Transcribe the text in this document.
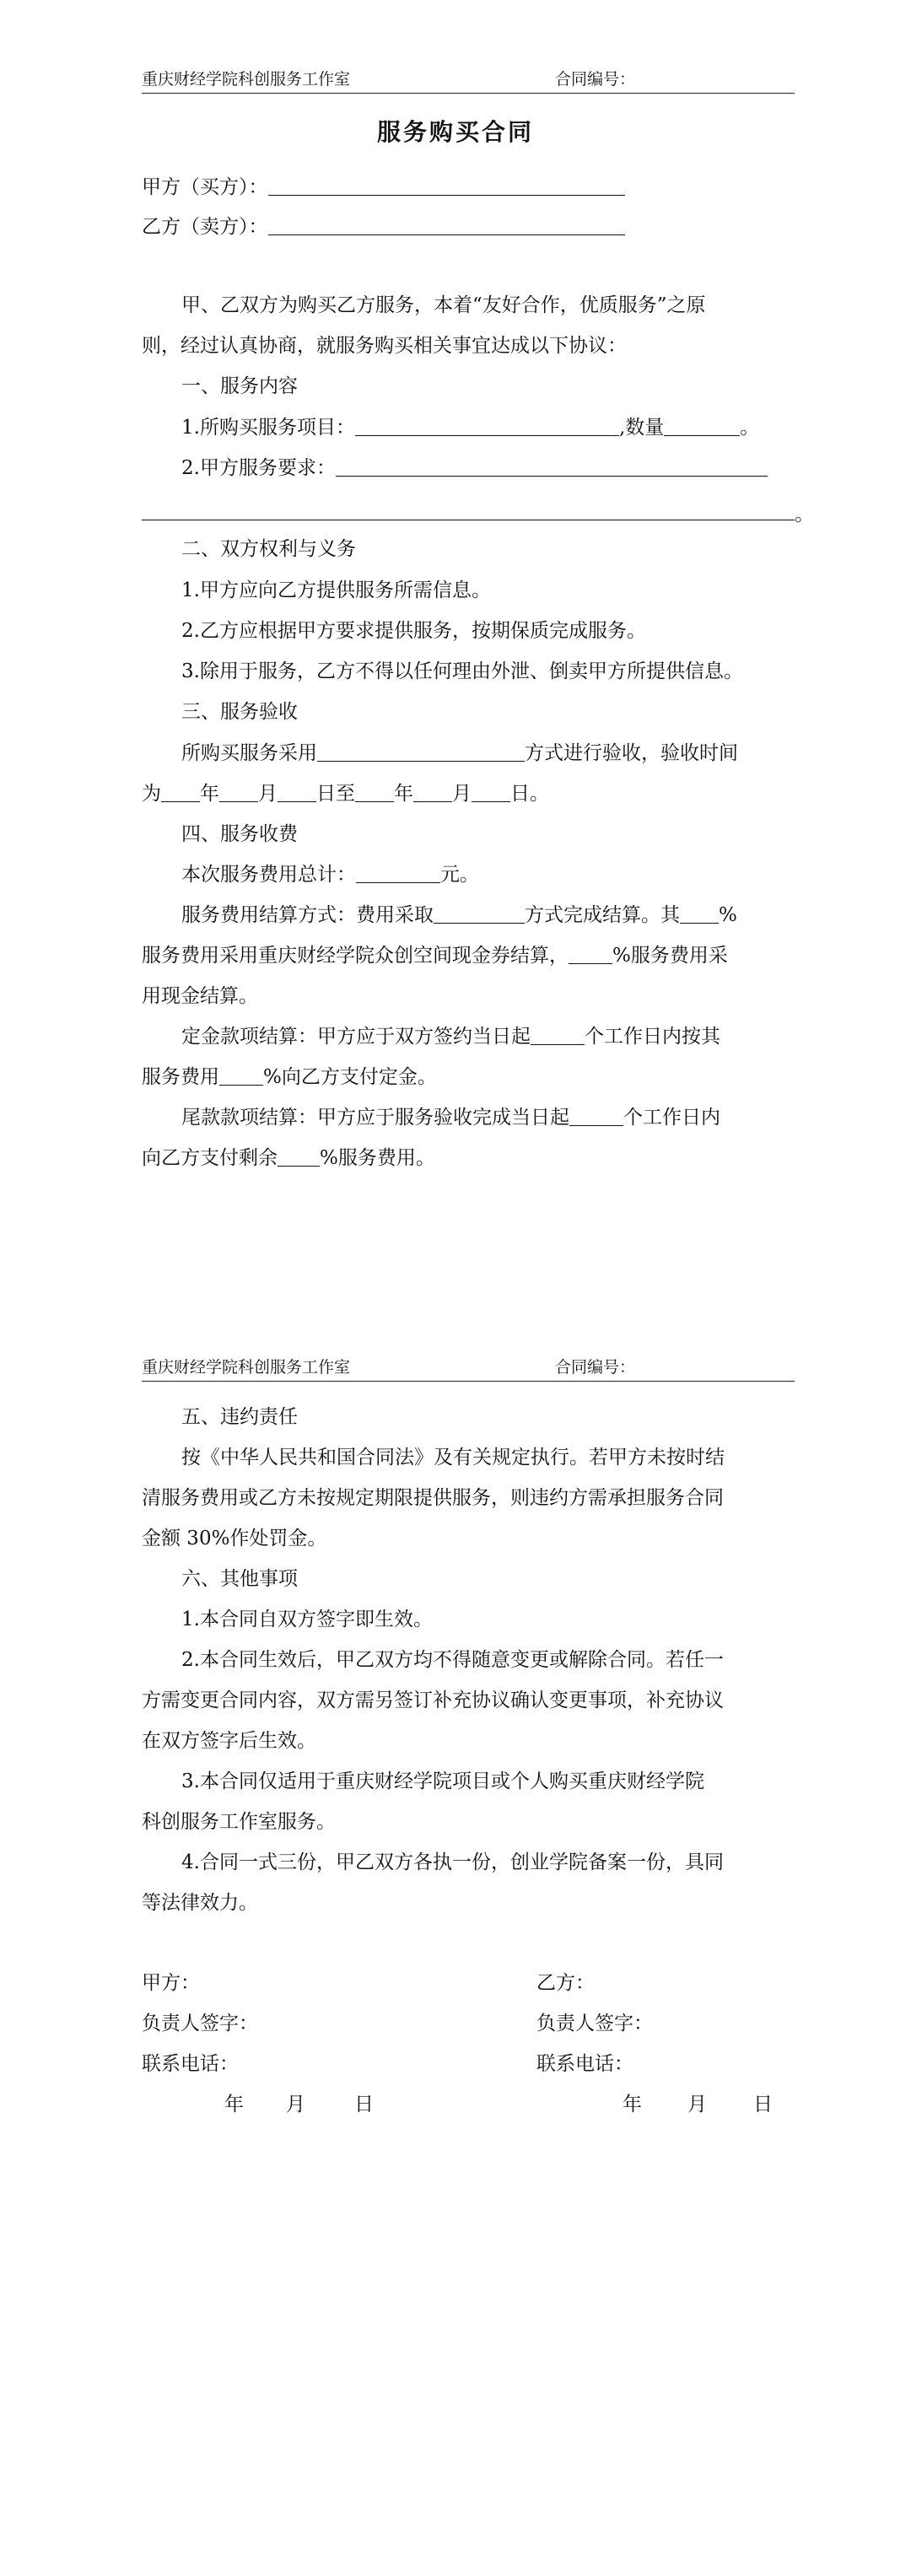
重庆财经学院科创服务工作室	合同编号：
服务购买合同
甲方（买方）：
乙方（卖方）：
甲、乙双方为购买乙方服务，本着“友好合作，优质服务”之原
则，经过认真协商，就服务购买相关事宜达成以下协议：
一、服务内容
1.所购买服务项目：	,数量	。
2.甲方服务要求：
。
二、双方权利与义务
1.甲方应向乙方提供服务所需信息。
2.乙方应根据甲方要求提供服务，按期保质完成服务。
3.除用于服务，乙方不得以任何理由外泄、倒卖甲方所提供信息。
三、服务验收
所购买服务采用	方式进行验收，验收时间
为 年 月 日至 年 月 日。
四、服务收费
本次服务费用总计：	元。
服务费用结算方式：费用采取	方式完成结算。其 %
服务费用采用重庆财经学院众创空间现金券结算， %服务费用采
用现金结算。
定金款项结算：甲方应于双方签约当日起	个工作日内按其
服务费用 %向乙方支付定金。
尾款款项结算：甲方应于服务验收完成当日起	个工作日内
向乙方支付剩余 %服务费用。
重庆财经学院科创服务工作室	合同编号：
五、违约责任
按《中华人民共和国合同法》及有关规定执行。若甲方未按时结
清服务费用或乙方未按规定期限提供服务，则违约方需承担服务合同
金额 30%作处罚金。
六、其他事项
1.本合同自双方签字即生效。
2.本合同生效后，甲乙双方均不得随意变更或解除合同。若任一
方需变更合同内容，双方需另签订补充协议确认变更事项，补充协议
在双方签字后生效。
3.本合同仅适用于重庆财经学院项目或个人购买重庆财经学院
科创服务工作室服务。
4.合同一式三份，甲乙双方各执一份，创业学院备案一份，具同
等法律效力。
甲方：
负责人签字：
联系电话：
年 月	日
乙方：
负责人签字：
联系电话：
年 月 日
